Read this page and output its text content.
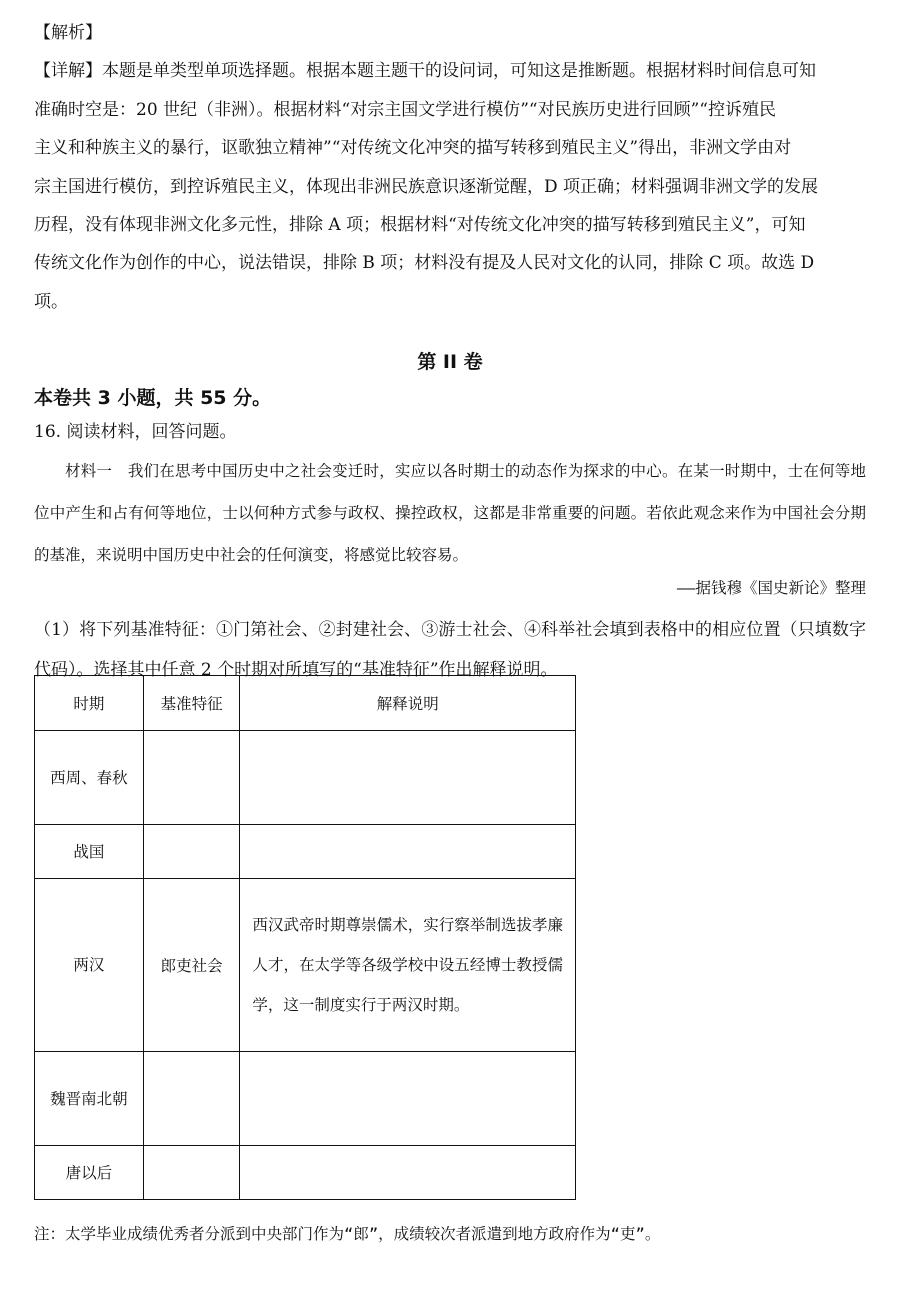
【解析】

【详解】本题是单类型单项选择题。根据本题主题干的设问词，可知这是推断题。根据材料时间信息可知

准确时空是：20 世纪（非洲）。根据材料“对宗主国文学进行模仿”“对民族历史进行回顾”“控诉殖民

主义和种族主义的暴行，讴歌独立精神”“对传统文化冲突的描写转移到殖民主义”得出，非洲文学由对

宗主国进行模仿，到控诉殖民主义，体现出非洲民族意识逐渐觉醒，D 项正确；材料强调非洲文学的发展

历程，没有体现非洲文化多元性，排除 A 项；根据材料“对传统文化冲突的描写转移到殖民主义”，可知

传统文化作为创作的中心，说法错误，排除 B 项；材料没有提及人民对文化的认同，排除 C 项。故选 D

项。

第 II 卷
本卷共 3 小题，共 55 分。
16. 阅读材料，回答问题。

材料一　我们在思考中国历史中之社会变迁时，实应以各时期士的动态作为探求的中心。在某一时期中，士在何等地位中产生和占有何等地位，士以何种方式参与政权、操控政权，这都是非常重要的问题。若依此观念来作为中国社会分期的基准，来说明中国历史中社会的任何演变，将感觉比较容易。

——据钱穆《国史新论》整理

（1）将下列基准特征：①门第社会、②封建社会、③游士社会、④科举社会填到表格中的相应位置（只填数字代码）。选择其中任意 2 个时期对所填写的“基准特征”作出解释说明。

时期	基准特征	解释说明
西周、春秋		
战国		
两汉	郎吏社会	西汉武帝时期尊崇儒术，实行察举制选拔孝廉人才，在太学等各级学校中设五经博士教授儒学，这一制度实行于两汉时期。

魏晋南北朝		
唐以后		
注：太学毕业成绩优秀者分派到中央部门作为“郎”，成绩较次者派遣到地方政府作为“吏”。
